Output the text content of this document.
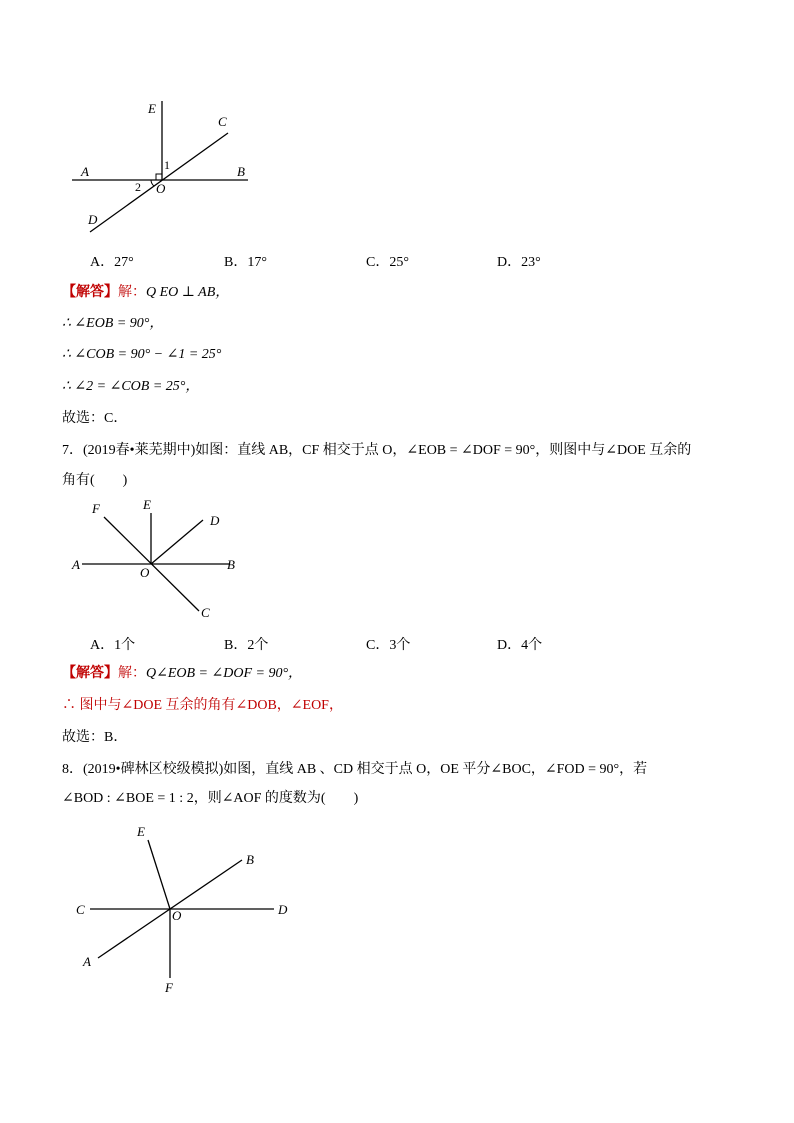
E
C
A	B
O
D
1
2
A．27°	B．17°	C．25°	D．23°
【解答】解：Q EO ⊥ AB，
∴ ∠EOB = 90°，
∴ ∠COB = 90° − ∠1 = 25°
∴ ∠2 = ∠COB = 25°，
故选：C．
7．(2019春•莱芜期中)如图：直线 AB，CF 相交于点 O，∠EOB = ∠DOF = 90°，则图中与∠DOE 互余的
角有(　　)
F	E
D
A
O
B
C
A．1个	B．2个	C．3个	D．4个
【解答】解：Q∠EOB = ∠DOF = 90°，
∴ 图中与∠DOE 互余的角有∠DOB，∠EOF，
故选：B．
8．(2019•碑林区校级模拟)如图，直线 AB 、CD 相交于点 O，OE 平分∠BOC，∠FOD = 90°，若
∠BOD : ∠BOE = 1 : 2，则∠AOF 的度数为(　　)
E
B
C	O	D
A
F
